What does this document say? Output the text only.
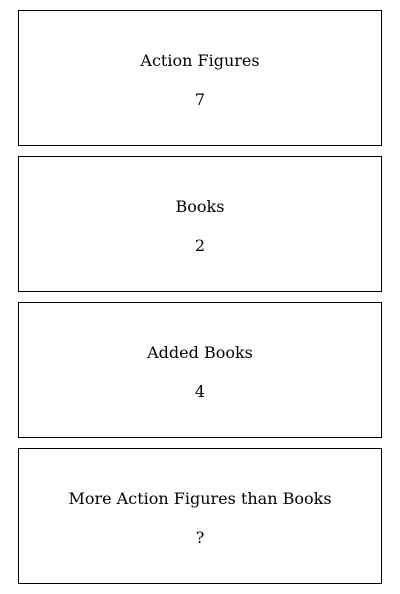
Action Figures
7
Books
2
Added Books
4
More Action Figures than Books
?
